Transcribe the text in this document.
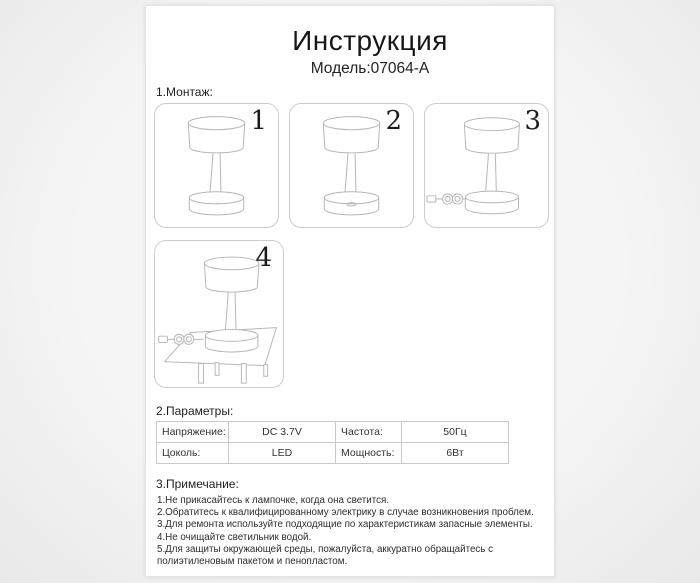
Инструкция
Модель:07064-A
1.Монтаж:
1	2	3
4
2.Параметры:
Напряжение:	DC 3.7V	Частота:	50Гц
Цоколь:	LED	Мощность:	6Вт
3.Примечание:
1.Не прикасайтесь к лампочке, когда она светится.
2.Обратитесь к квалифицированному электрику в случае возникновения проблем.
3.Для ремонта используйте подходящие по характеристикам запасные элементы.
4.Не очищайте светильник водой.
5.Для защиты окружающей среды, пожалуйста, аккуратно обращайтесь с полиэтиленовым пакетом и пенопластом.
